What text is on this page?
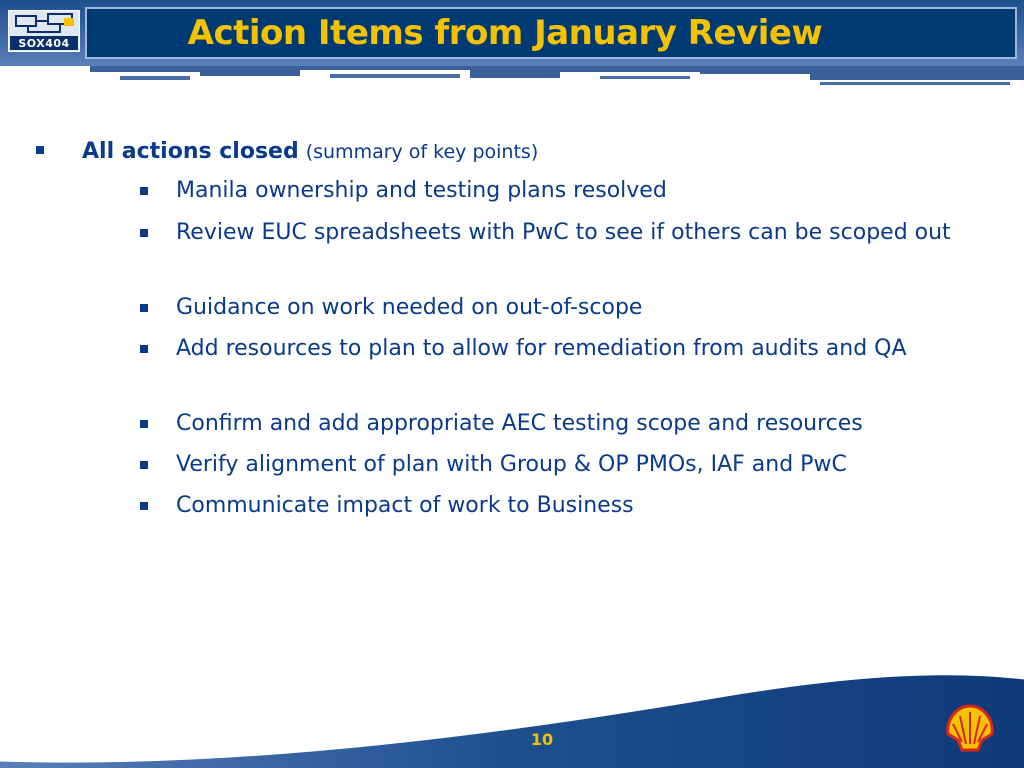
SOX404	Action Items from January Review
All actions closed (summary of key points)
Manila ownership and testing plans resolved
Review EUC spreadsheets with PwC to see if others can be scoped out
Guidance on work needed on out-of-scope
Add resources to plan to allow for remediation from audits and QA
Confirm and add appropriate AEC testing scope and resources
Verify alignment of plan with Group & OP PMOs, IAF and PwC
Communicate impact of work to Business
10
